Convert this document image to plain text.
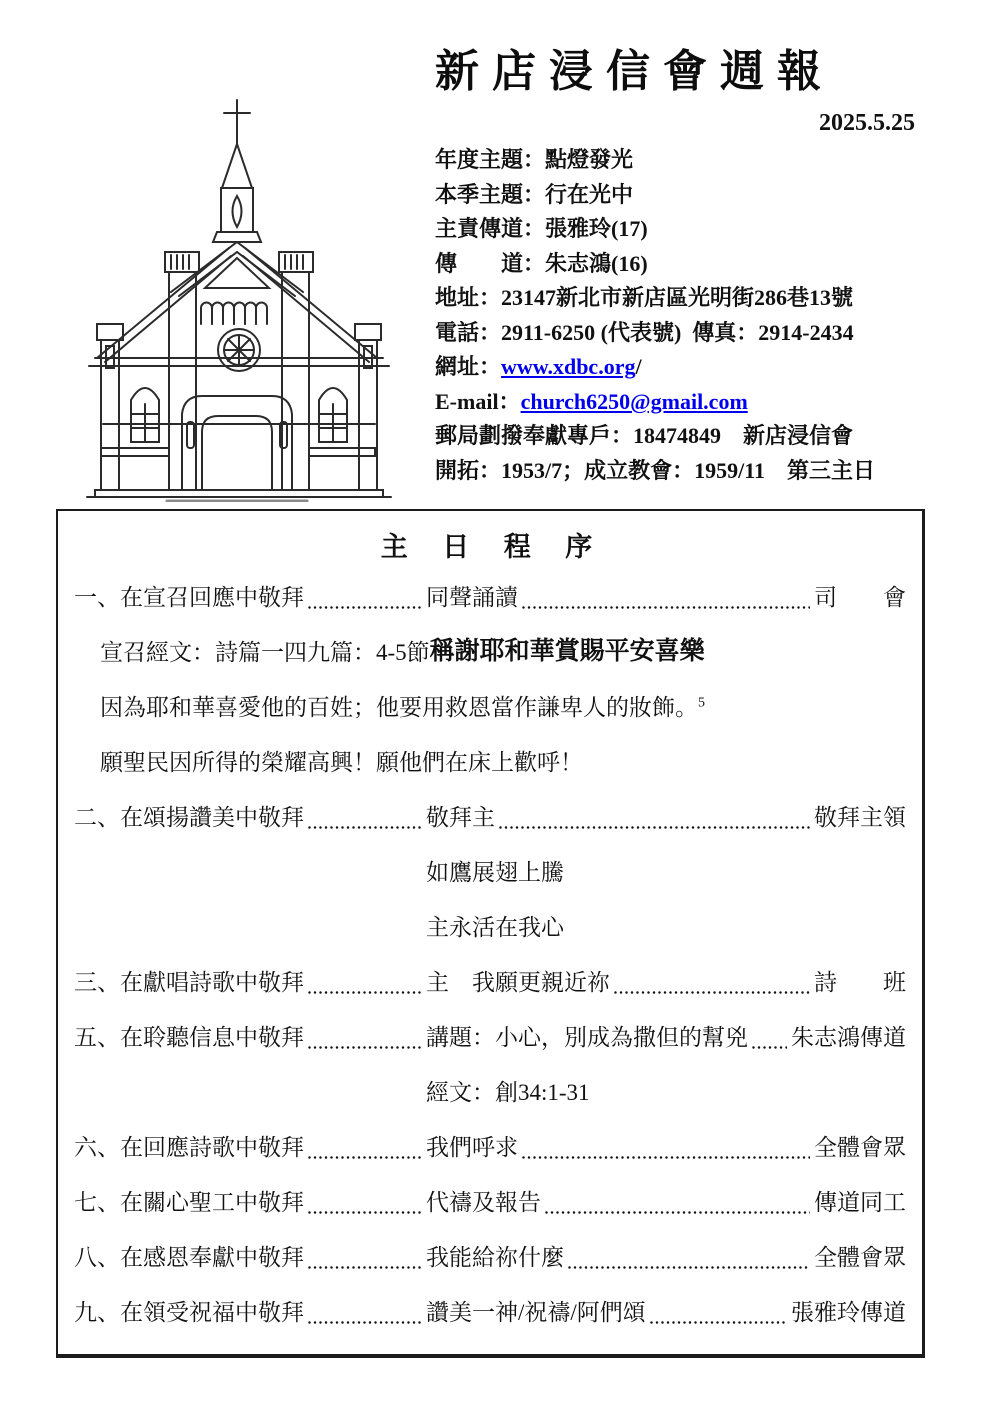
新 店 浸 信 會 週 報
2025.5.25
年度主題：點燈發光
本季主題：行在光中
主責傳道：張雅玲(17)
傳　　道：朱志鴻(16)
地址：23147新北市新店區光明街286巷13號
電話：2911-6250 (代表號)  傳真：2914-2434
網址：www.xdbc.org/
E-mail：church6250@gmail.com
郵局劃撥奉獻專戶：18474849　新店浸信會
開拓：1953/7；成立教會：1959/11　第三主日
主  日  程  序
一、在宣召回應中敬拜	同聲誦讀	司　　會
宣召經文：詩篇一四九篇：4-5節 稱謝耶和華賞賜平安喜樂
因為耶和華喜愛他的百姓；他要用救恩當作謙卑人的妝飾。$^5$
願聖民因所得的榮耀高興！願他們在床上歡呼！
二、在頌揚讚美中敬拜	敬拜主	敬拜主領
如鷹展翅上騰
主永活在我心
三、在獻唱詩歌中敬拜	主　我願更親近祢	詩　　班
五、在聆聽信息中敬拜	講題：小心，別成為撒但的幫兇 朱志鴻傳道
經文：創34:1-31
六、在回應詩歌中敬拜	我們呼求	全體會眾
七、在關心聖工中敬拜	代禱及報告	傳道同工
八、在感恩奉獻中敬拜	我能給祢什麼	全體會眾
九、在領受祝福中敬拜	讚美一神/祝禱/阿們頌	張雅玲傳道
